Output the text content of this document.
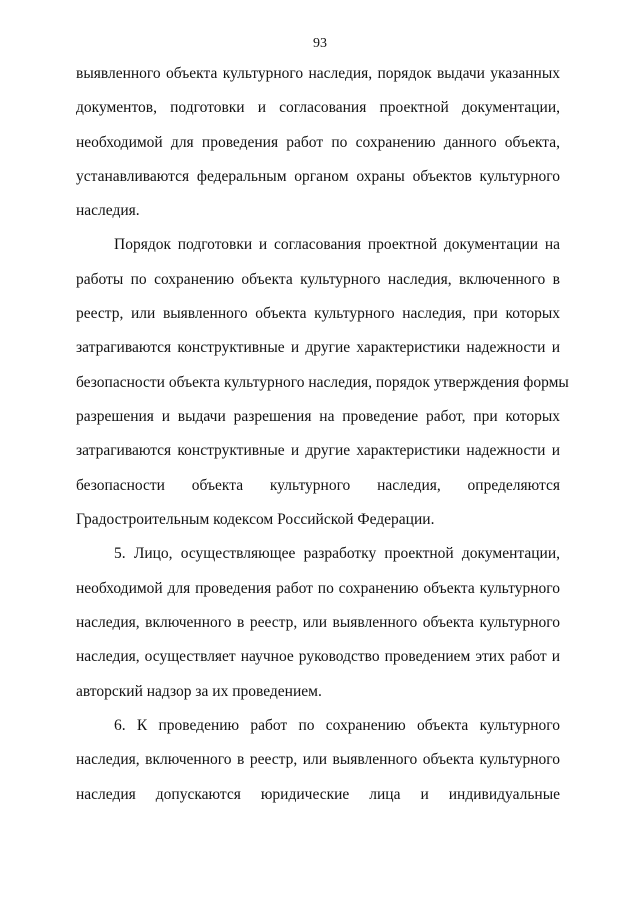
93
выявленного объекта культурного наследия, порядок выдачи указанных
документов, подготовки и согласования проектной документации,
необходимой для проведения работ по сохранению данного объекта,
устанавливаются федеральным органом охраны объектов культурного
наследия.
Порядок подготовки и согласования проектной документации на
работы по сохранению объекта культурного наследия, включенного в
реестр, или выявленного объекта культурного наследия, при которых
затрагиваются конструктивные и другие характеристики надежности и
безопасности объекта культурного наследия, порядок утверждения формы
разрешения и выдачи разрешения на проведение работ, при которых
затрагиваются конструктивные и другие характеристики надежности и
безопасности объекта культурного наследия, определяются
Градостроительным кодексом Российской Федерации.
5. Лицо, осуществляющее разработку проектной документации,
необходимой для проведения работ по сохранению объекта культурного
наследия, включенного в реестр, или выявленного объекта культурного
наследия, осуществляет научное руководство проведением этих работ и
авторский надзор за их проведением.
6. К проведению работ по сохранению объекта культурного
наследия, включенного в реестр, или выявленного объекта культурного
наследия допускаются юридические лица и индивидуальные
